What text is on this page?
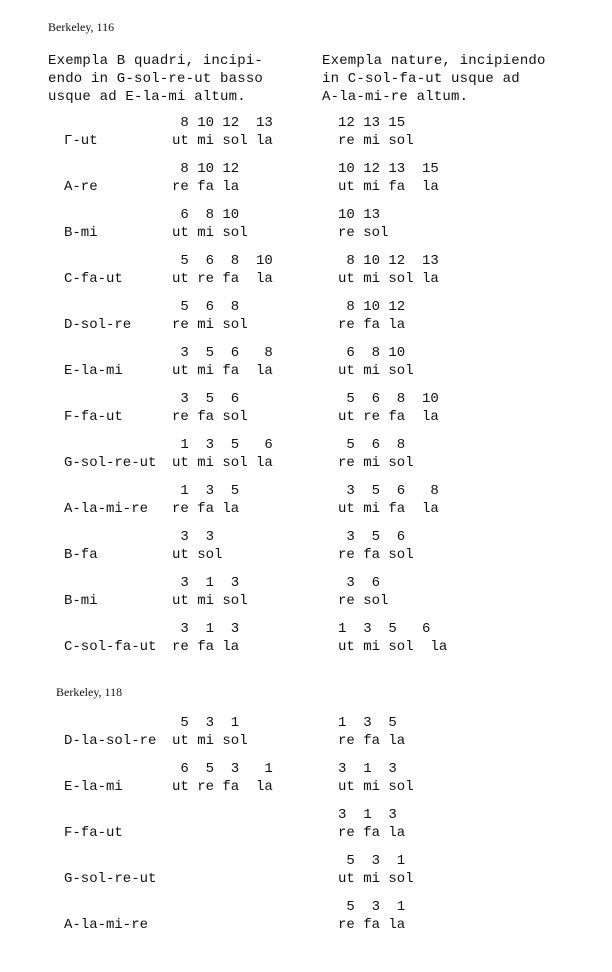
Berkeley, 116
Exempla B quadri, incipi-
endo in G-sol-re-ut basso
usque ad E-la-mi altum.
Exempla nature, incipiendo
in C-sol-fa-ut usque ad
A-la-mi-re altum.
Γ-ut
8 10 12  13
ut mi sol la
12 13 15
re mi sol
A-re
8 10 12
re fa la
10 12 13  15
ut mi fa  la
B-mi
6  8 10
ut mi sol
10 13
re sol
C-fa-ut
5  6  8  10
ut re fa  la
8 10 12  13
ut mi sol la
D-sol-re
5  6  8
re mi sol
8 10 12
re fa la
E-la-mi
3  5  6   8
ut mi fa  la
6  8 10
ut mi sol
F-fa-ut
3  5  6
re fa sol
5  6  8  10
ut re fa  la
G-sol-re-ut
1  3  5   6
ut mi sol la
5  6  8
re mi sol
A-la-mi-re
1  3  5
re fa la
3  5  6   8
ut mi fa  la
B-fa
3  3
ut sol
3  5  6
re fa sol
B-mi
3  1  3
ut mi sol
3  6
re sol
C-sol-fa-ut
3  1  3
re fa la
1  3  5   6
ut mi sol  la
Berkeley, 118
D-la-sol-re
5  3  1
ut mi sol
1  3  5
re fa la
E-la-mi
6  5  3   1
ut re fa  la
3  1  3
ut mi sol
F-fa-ut
3  1  3
re fa la
G-sol-re-ut
5  3  1
ut mi sol
A-la-mi-re
5  3  1
re fa la
